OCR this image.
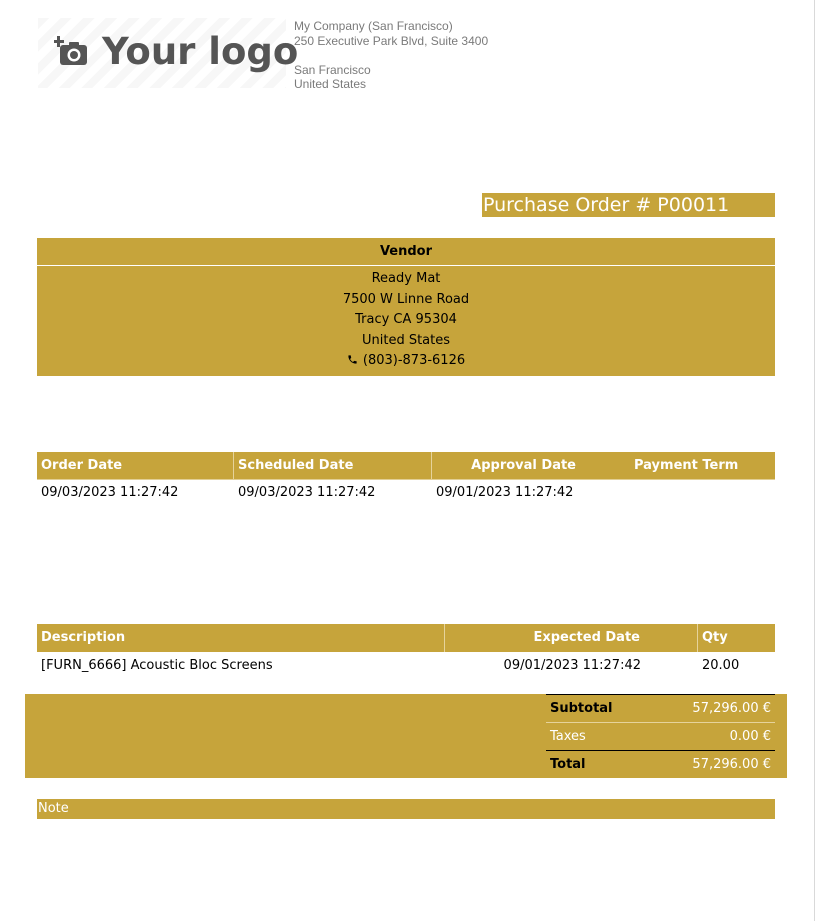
Your logo
My Company (San Francisco)
250 Executive Park Blvd, Suite 3400
San Francisco
United States
Purchase Order # P00011
Vendor
Ready Mat
7500 W Linne Road
Tracy CA 95304
United States
(803)-873-6126
Order Date	Scheduled Date	Approval Date	Payment Term
09/03/2023 11:27:42	09/03/2023 11:27:42	09/01/2023 11:27:42
Description	Expected Date	Qty
[FURN_6666] Acoustic Bloc Screens	09/01/2023 11:27:42	20.00
Subtotal	57,296.00 €
Taxes	0.00 €
Total	57,296.00 €
Note
